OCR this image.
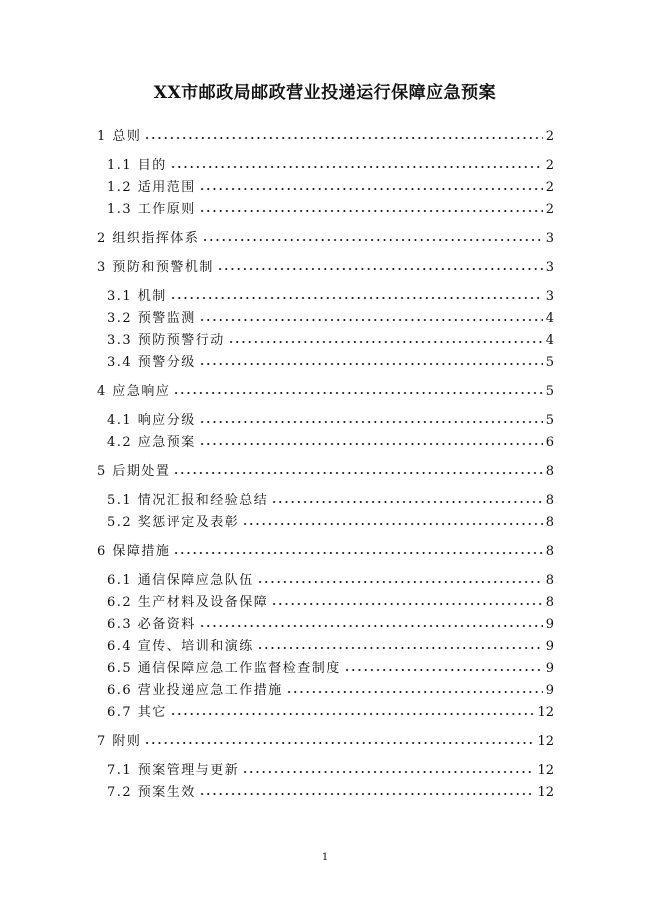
XX市邮政局邮政营业投递运行保障应急预案
1 总则	2
1.1 目的	2
1.2 适用范围	2
1.3 工作原则	2
2 组织指挥体系	3
3 预防和预警机制	3
3.1 机制	3
3.2 预警监测	4
3.3 预防预警行动	4
3.4 预警分级	5
4 应急响应	5
4.1 响应分级	5
4.2 应急预案	6
5 后期处置	8
5.1 情况汇报和经验总结	8
5.2 奖惩评定及表彰	8
6 保障措施	8
6.1 通信保障应急队伍	8
6.2 生产材料及设备保障	8
6.3 必备资料	9
6.4 宣传、培训和演练	9
6.5 通信保障应急工作监督检查制度	9
6.6 营业投递应急工作措施	9
6.7 其它	12
7 附则	12
7.1 预案管理与更新	12
7.2 预案生效	12
1
